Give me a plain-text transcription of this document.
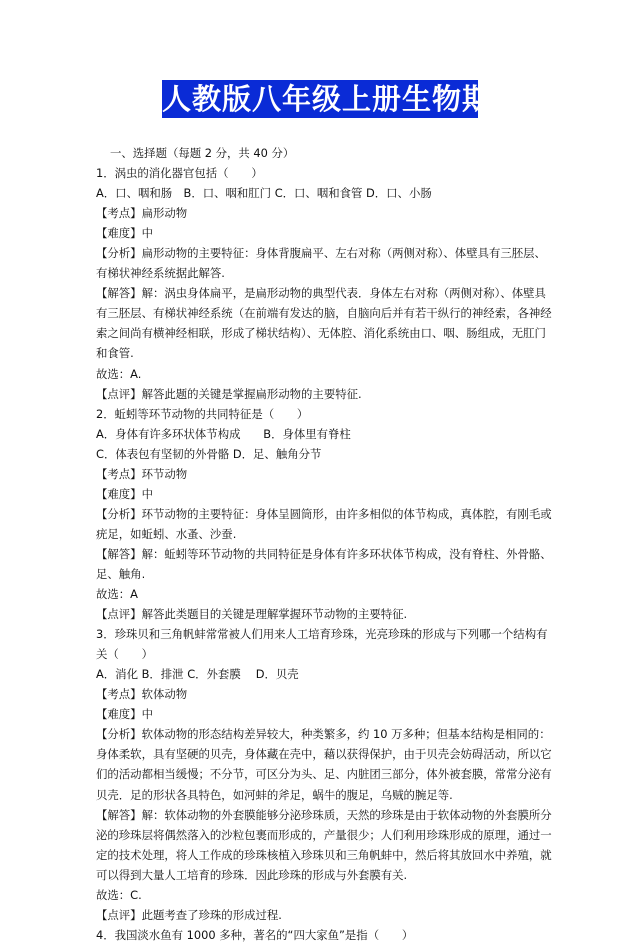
人教版八年级上册生物期末卷
一、选择题（每题 2 分，共 40 分）
1．涡虫的消化器官包括（　　）
A．口、咽和肠　B．口、咽和肛门 C．口、咽和食管 D．口、小肠
【考点】扁形动物
【难度】中
【分析】扁形动物的主要特征：身体背腹扁平、左右对称（两侧对称）、体壁具有三胚层、
有梯状神经系统据此解答.
【解答】解：涡虫身体扁平，是扁形动物的典型代表．身体左右对称（两侧对称）、体壁具
有三胚层、有梯状神经系统（在前端有发达的脑，自脑向后并有若干纵行的神经索，各神经
索之间尚有横神经相联，形成了梯状结构）、无体腔、消化系统由口、咽、肠组成，无肛门
和食管.
故选：A.
【点评】解答此题的关键是掌握扁形动物的主要特征.
2．蚯蚓等环节动物的共同特征是（　　）
A．身体有许多环状体节构成　　B．身体里有脊柱
C．体表包有坚韧的外骨骼 D．足、触角分节
【考点】环节动物
【难度】中
【分析】环节动物的主要特征：身体呈圆筒形，由许多相似的体节构成，真体腔，有刚毛或
疣足，如蚯蚓、水蚤、沙蚕.
【解答】解：蚯蚓等环节动物的共同特征是身体有许多环状体节构成，没有脊柱、外骨骼、
足、触角.
故选：A
【点评】解答此类题目的关键是理解掌握环节动物的主要特征.
3．珍珠贝和三角帆蚌常常被人们用来人工培育珍珠，光亮珍珠的形成与下列哪一个结构有
关（　　）
A．消化 B．排泄 C．外套膜　 D．贝壳
【考点】软体动物
【难度】中
【分析】软体动物的形态结构差异较大，种类繁多，约 10 万多种；但基本结构是相同的：
身体柔软，具有坚硬的贝壳，身体藏在壳中，藉以获得保护，由于贝壳会妨碍活动，所以它
们的活动都相当缓慢；不分节，可区分为头、足、内脏团三部分，体外被套膜，常常分泌有
贝壳．足的形状各具特色，如河蚌的斧足，蜗牛的腹足，乌贼的腕足等.
【解答】解：软体动物的外套膜能够分泌珍珠质，天然的珍珠是由于软体动物的外套膜所分
泌的珍珠层将偶然落入的沙粒包裹而形成的，产量很少；人们利用珍珠形成的原理，通过一
定的技术处理，将人工作成的珍珠核植入珍珠贝和三角帆蚌中，然后将其放回水中养殖，就
可以得到大量人工培育的珍珠．因此珍珠的形成与外套膜有关.
故选：C.
【点评】此题考查了珍珠的形成过程.
4．我国淡水鱼有 1000 多种，著名的“四大家鱼”是指（　　）
